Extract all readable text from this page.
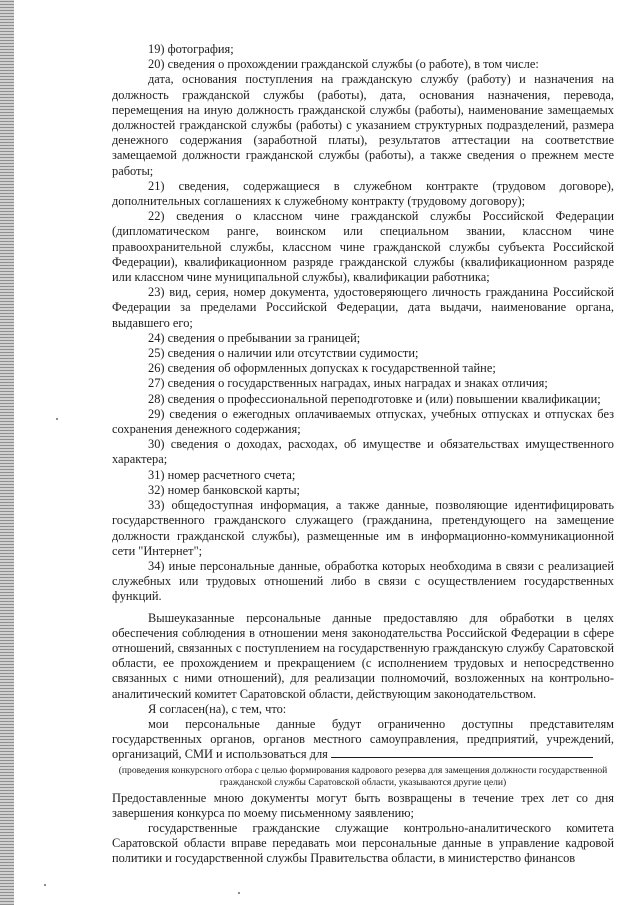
19) фотография;

20) сведения о прохождении гражданской службы (о работе), в том числе:

дата, основания поступления на гражданскую службу (работу) и назначения на должность гражданской службы (работы), дата, основания назначения, перевода, перемещения на иную должность гражданской службы (работы), наименование замещаемых должностей гражданской службы (работы) с указанием структурных подразделений, размера денежного содержания (заработной платы), результатов аттестации на соответствие замещаемой должности гражданской службы (работы), а также сведения о прежнем месте работы;

21) сведения, содержащиеся в служебном контракте (трудовом договоре), дополнительных соглашениях к служебному контракту (трудовому договору);

22) сведения о классном чине гражданской службы Российской Федерации (дипломатическом ранге, воинском или специальном звании, классном чине правоохранительной службы, классном чине гражданской службы субъекта Российской Федерации), квалификационном разряде гражданской службы (квалификационном разряде или классном чине муниципальной службы), квалификации работника;

23) вид, серия, номер документа, удостоверяющего личность гражданина Российской Федерации за пределами Российской Федерации, дата выдачи, наименование органа, выдавшего его;

24) сведения о пребывании за границей;

25) сведения о наличии или отсутствии судимости;

26) сведения об оформленных допусках к государственной тайне;

27) сведения о государственных наградах, иных наградах и знаках отличия;

28) сведения о профессиональной переподготовке и (или) повышении квалификации;

29) сведения о ежегодных оплачиваемых отпусках, учебных отпусках и отпусках без сохранения денежного содержания;

30) сведения о доходах, расходах, об имуществе и обязательствах имущественного характера;

31) номер расчетного счета;

32) номер банковской карты;

33) общедоступная информация, а также данные, позволяющие идентифицировать государственного гражданского служащего (гражданина, претендующего на замещение должности гражданской службы), размещенные им в информационно-коммуникационной сети "Интернет";

34) иные персональные данные, обработка которых необходима в связи с реализацией служебных или трудовых отношений либо в связи с осуществлением государственных функций.

Вышеуказанные персональные данные предоставляю для обработки в целях обеспечения соблюдения в отношении меня законодательства Российской Федерации в сфере отношений, связанных с поступлением на государственную гражданскую службу Саратовской области, ее прохождением и прекращением (с исполнением трудовых и непосредственно связанных с ними отношений), для реализации полномочий, возложенных на контрольно-аналитический комитет Саратовской области, действующим законодательством.

Я согласен(на), с тем, что:

мои персональные данные будут ограниченно доступны представителям государственных органов, органов местного самоуправления, предприятий, учреждений, организаций, СМИ и использоваться для

(проведения конкурсного отбора с целью формирования кадрового резерва для замещения должности государственной гражданской службы Саратовской области, указываются другие цели)

Предоставленные мною документы могут быть возвращены в течение трех лет со дня завершения конкурса по моему письменному заявлению;

государственные гражданские служащие контрольно-аналитического комитета Саратовской области вправе передавать мои персональные данные в управление кадровой политики и государственной службы Правительства области, в министерство финансов
